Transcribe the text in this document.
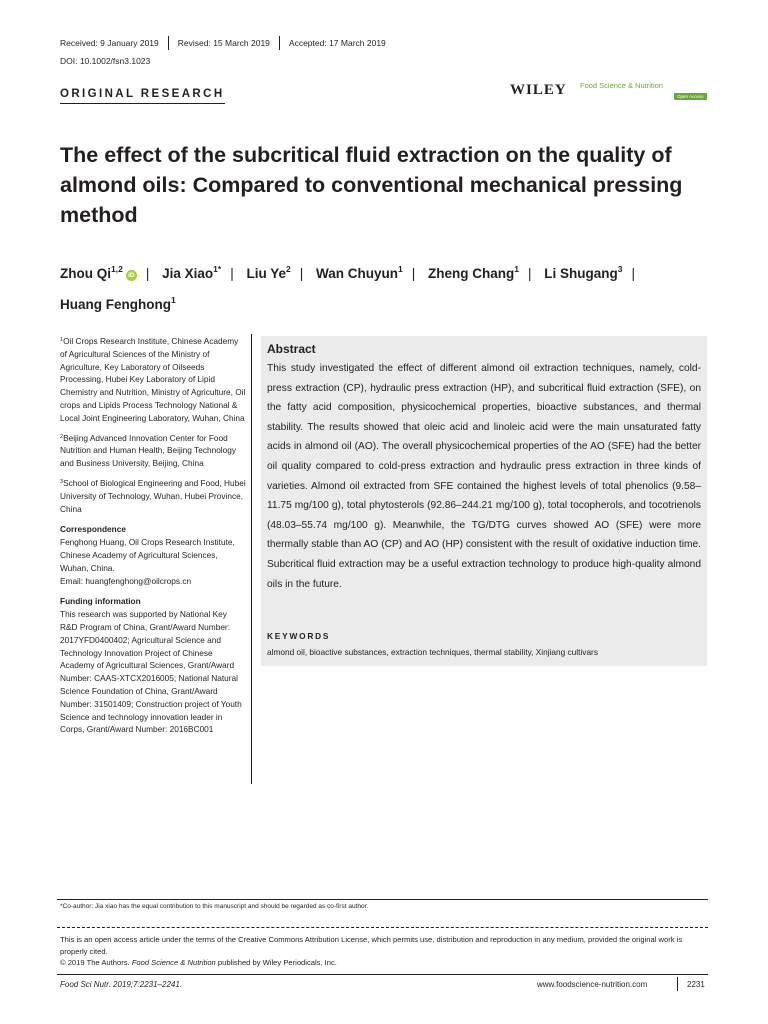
Received: 9 January 2019 Revised: 15 March 2019 Accepted: 17 March 2019
DOI: 10.1002/fsn3.1023
ORIGINAL RESEARCH	WILEY Food Science & Nutrition
Open Access
The effect of the subcritical fluid extraction on the quality of almond oils: Compared to conventional mechanical pressing method
Zhou Qi$^{1,2}$iD | Jia Xiao$^{1*}$ | Liu Ye$^2$ | Wan Chuyun$^1$ | Zheng Chang$^1$ | Li Shugang$^3$ | Huang Fenghong$^1$

$^1$Oil Crops Research Institute, Chinese Academy of Agricultural Sciences of the Ministry of Agriculture, Key Laboratory of Oilseeds Processing, Hubei Key Laboratory of Lipid Chemistry and Nutrition, Ministry of Agriculture, Oil crops and Lipids Process Technology National & Local Joint Engineering Laboratory, Wuhan, China

$^2$Beijing Advanced Innovation Center for Food Nutrition and Human Health, Beijing Technology and Business University, Beijing, China

$^3$School of Biological Engineering and Food, Hubei University of Technology, Wuhan, Hubei Province, China

Correspondence

Fenghong Huang, Oil Crops Research Institute, Chinese Academy of Agricultural Sciences, Wuhan, China.
Email: huangfenghong@oilcrops.cn

Funding information

This research was supported by National Key R&D Program of China, Grant/Award Number: 2017YFD0400402; Agricultural Science and Technology Innovation Project of Chinese Academy of Agricultural Sciences, Grant/Award Number: CAAS-XTCX2016005; National Natural Science Foundation of China, Grant/Award Number: 31501409; Construction project of Youth Science and technology innovation leader in Corps, Grant/Award Number: 2016BC001

Abstract
This study investigated the effect of different almond oil extraction techniques, namely, cold-press extraction (CP), hydraulic press extraction (HP), and subcritical fluid extraction (SFE), on the fatty acid composition, physicochemical properties, bioactive substances, and thermal stability. The results showed that oleic acid and linoleic acid were the main unsaturated fatty acids in almond oil (AO). The overall physicochemical properties of the AO (SFE) had the better oil quality compared to cold-press extraction and hydraulic press extraction in three kinds of varieties. Almond oil extracted from SFE contained the highest levels of total phenolics (9.58–11.75 mg/100 g), total phytosterols (92.86–244.21 mg/100 g), total tocopherols, and tocotrienols (48.03–55.74 mg/100 g). Meanwhile, the TG/DTG curves showed AO (SFE) were more thermally stable than AO (CP) and AO (HP) consistent with the result of oxidative induction time. Subcritical fluid extraction may be a useful extraction technology to produce high-quality almond oils in the future.
KEYWORDS
almond oil, bioactive substances, extraction techniques, thermal stability, Xinjiang cultivars
*Co-author: Jia xiao has the equal contribution to this manuscript and should be regarded as co-first author.
This is an open access article under the terms of the Creative Commons Attribution License, which permits use, distribution and reproduction in any medium, provided the original work is properly cited.
© 2019 The Authors. Food Science & Nutrition published by Wiley Periodicals, Inc.
Food Sci Nutr. 2019;7:2231–2241.	www.foodscience-nutrition.com	2231
